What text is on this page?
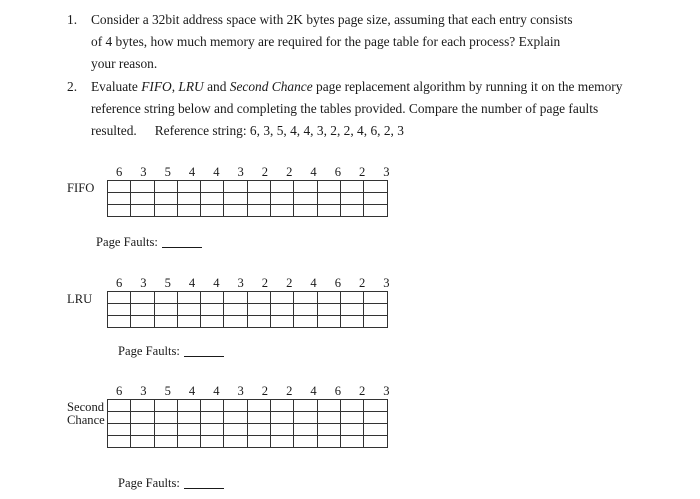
1. Consider a 32bit address space with 2K bytes page size, assuming that each entry consists
of 4 bytes, how much memory are required for the page table for each process? Explain
your reason.
2. Evaluate FIFO, LRU and Second Chance page replacement algorithm by running it on the memory
reference string below and completing the tables provided. Compare the number of page faults
resulted. Reference string: 6, 3, 5, 4, 4, 3, 2, 2, 4, 6, 2, 3
6	3	5	4	4	3	2	2	4	6	2	3
FIFO

Page Faults:
6	3	5	4	4	3	2	2	4	6	2	3
LRU

Page Faults:
6	3	5	4	4	3	2	2	4	6	2	3
Second
Chance

Page Faults:
